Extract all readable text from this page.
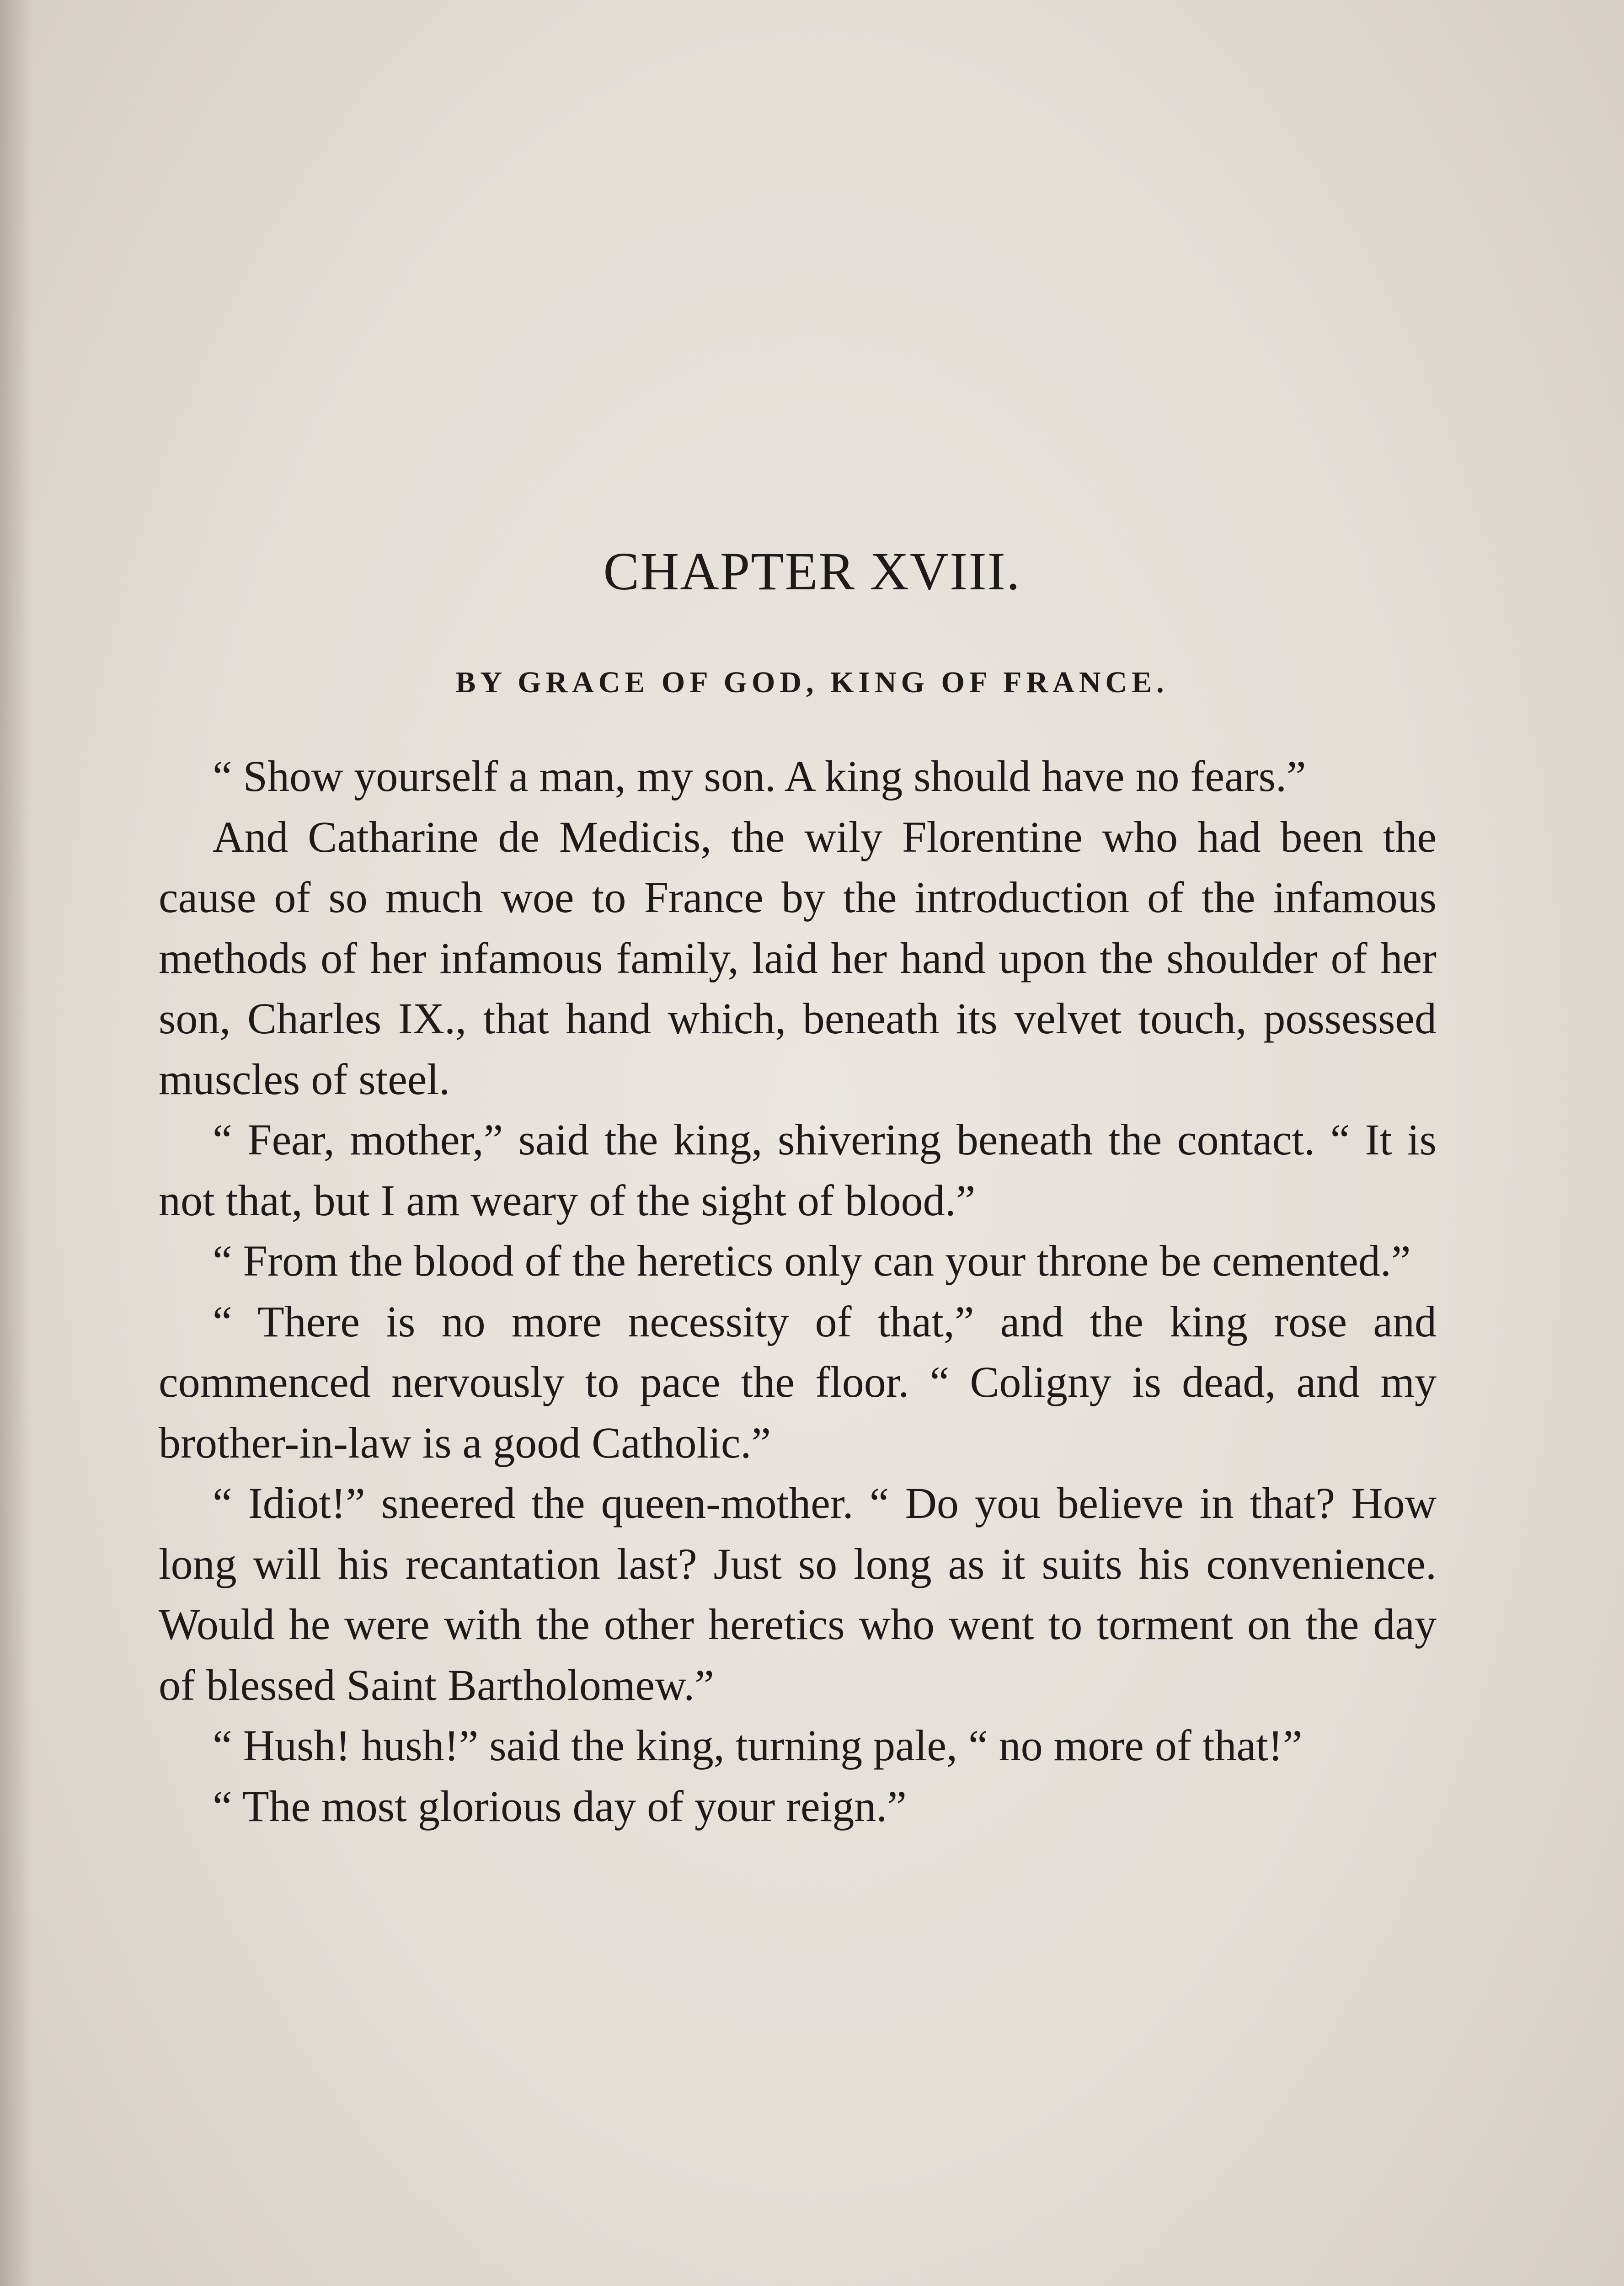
CHAPTER XVIII.
BY GRACE OF GOD, KING OF FRANCE.

“ Show yourself a man, my son. A king should have no fears.”

And Catharine de Medicis, the wily Florentine who had been the cause of so much woe to France by the introduction of the infamous methods of her infamous family, laid her hand upon the shoulder of her son, Charles IX., that hand which, beneath its velvet touch, possessed muscles of steel.

“ Fear, mother,” said the king, shivering beneath the contact. “ It is not that, but I am weary of the sight of blood.”

“ From the blood of the heretics only can your throne be cemented.”

“ There is no more necessity of that,” and the king rose and commenced nervously to pace the floor. “ Coligny is dead, and my brother-in-law is a good Catholic.”

“ Idiot!” sneered the queen-mother. “ Do you believe in that? How long will his recantation last? Just so long as it suits his convenience. Would he were with the other heretics who went to torment on the day of blessed Saint Bartholomew.”

“ Hush! hush!” said the king, turning pale, “ no more of that!”

“ The most glorious day of your reign.”
